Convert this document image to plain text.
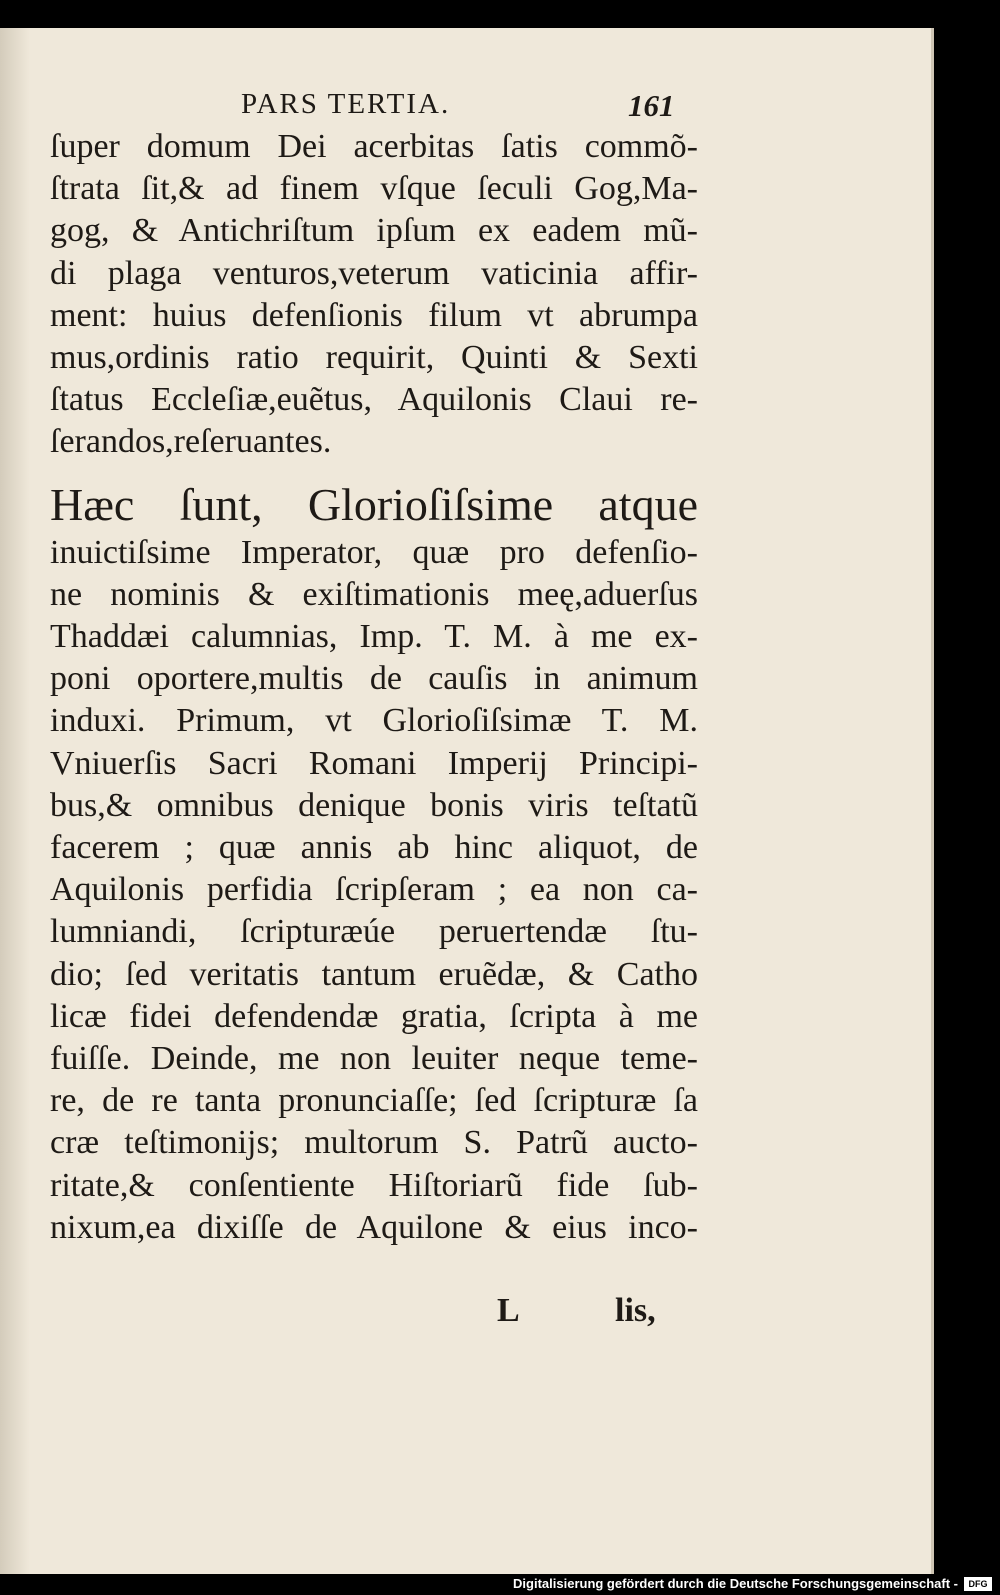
PARS TERTIA.	161
ſuper domum Dei acerbitas ſatis commõ-
ſtrata ſit,& ad finem vſque ſeculi Gog,Ma-
gog, & Antichriſtum ipſum ex eadem mũ-
di plaga venturos,veterum vaticinia affir-
ment: huius defenſionis filum vt abrumpa
mus,ordinis ratio requirit, Quinti & Sexti
ſtatus Eccleſiæ,euẽtus, Aquilonis Claui re-
ſerandos,reſeruantes.
Hæc ſunt, Glorioſiſsime atque
inuictiſsime Imperator, quæ pro defenſio-
ne nominis & exiſtimationis meę,aduerſus
Thaddæi calumnias, Imp. T. M. à me ex-
poni oportere,multis de cauſis in animum
induxi. Primum, vt Glorioſiſsimæ T. M.
Vniuerſis Sacri Romani Imperij Principi-
bus,& omnibus denique bonis viris teſtatũ
facerem ; quæ annis ab hinc aliquot, de
Aquilonis perfidia ſcripſeram ; ea non ca-
lumniandi, ſcripturæúe peruertendæ ſtu-
dio; ſed veritatis tantum eruẽdæ, & Catho
licæ fidei defendendæ gratia, ſcripta à me
fuiſſe. Deinde, me non leuiter neque teme-
re, de re tanta pronunciaſſe; ſed ſcripturæ ſa
cræ teſtimonijs; multorum S. Patrũ aucto-
ritate,& conſentiente Hiſtoriarũ fide ſub-
nixum,ea dixiſſe de Aquilone & eius inco-
L	lis,
Digitalisierung gefördert durch die Deutsche Forschungsgemeinschaft -	DFG
